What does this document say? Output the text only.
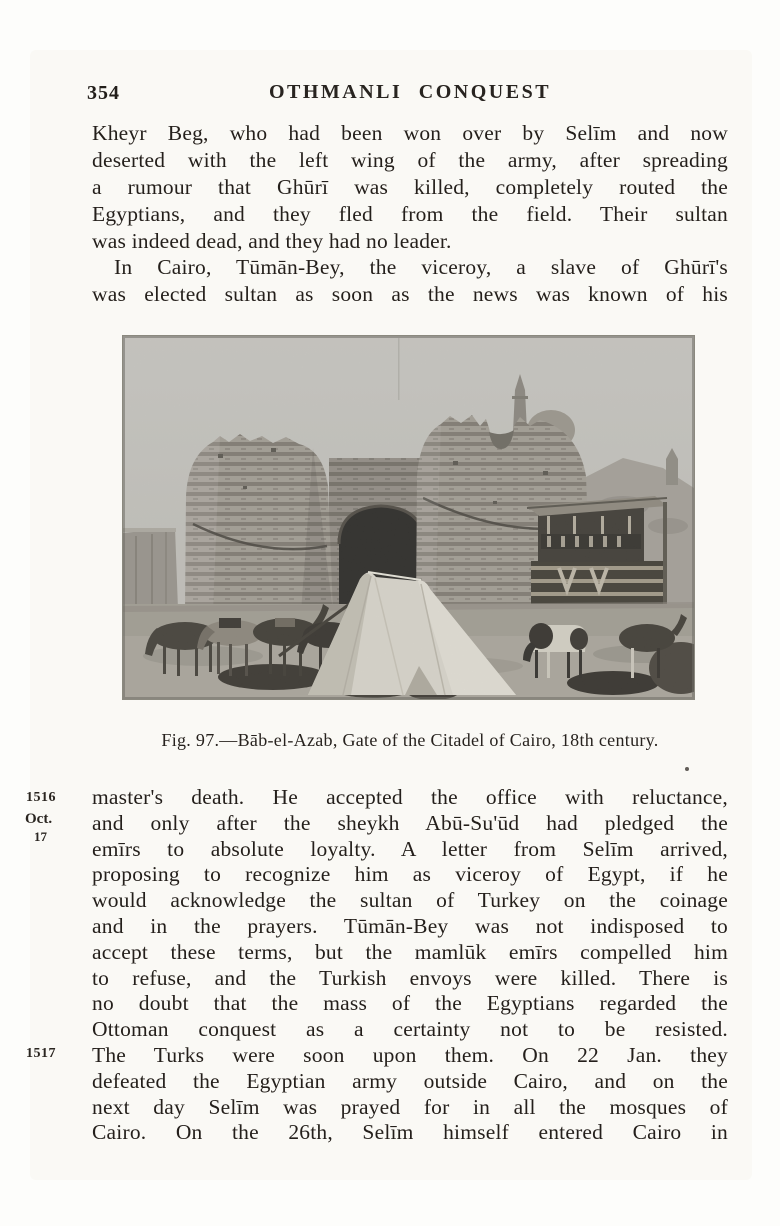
354	OTHMANLI CONQUEST
Kheyr Beg, who had been won over by Selīm and now
deserted with the left wing of the army, after spreading
a rumour that Ghūrī was killed, completely routed the
Egyptians, and they fled from the field. Their sultan
was indeed dead, and they had no leader.
In Cairo, Tūmān-Bey, the viceroy, a slave of Ghūrī's
was elected sultan as soon as the news was known of his
Fig. 97.—Bāb-el-Azab, Gate of the Citadel of Cairo, 18th century.
master's death. He accepted the office with reluctance,
and only after the sheykh Abū-Su'ūd had pledged the
emīrs to absolute loyalty. A letter from Selīm arrived,
proposing to recognize him as viceroy of Egypt, if he
would acknowledge the sultan of Turkey on the coinage
and in the prayers. Tūmān-Bey was not indisposed to
accept these terms, but the mamlūk emīrs compelled him
to refuse, and the Turkish envoys were killed. There is
no doubt that the mass of the Egyptians regarded the
Ottoman conquest as a certainty not to be resisted.
The Turks were soon upon them. On 22 Jan. they
defeated the Egyptian army outside Cairo, and on the
next day Selīm was prayed for in all the mosques of
Cairo. On the 26th, Selīm himself entered Cairo in
1516
Oct.
17
1517
